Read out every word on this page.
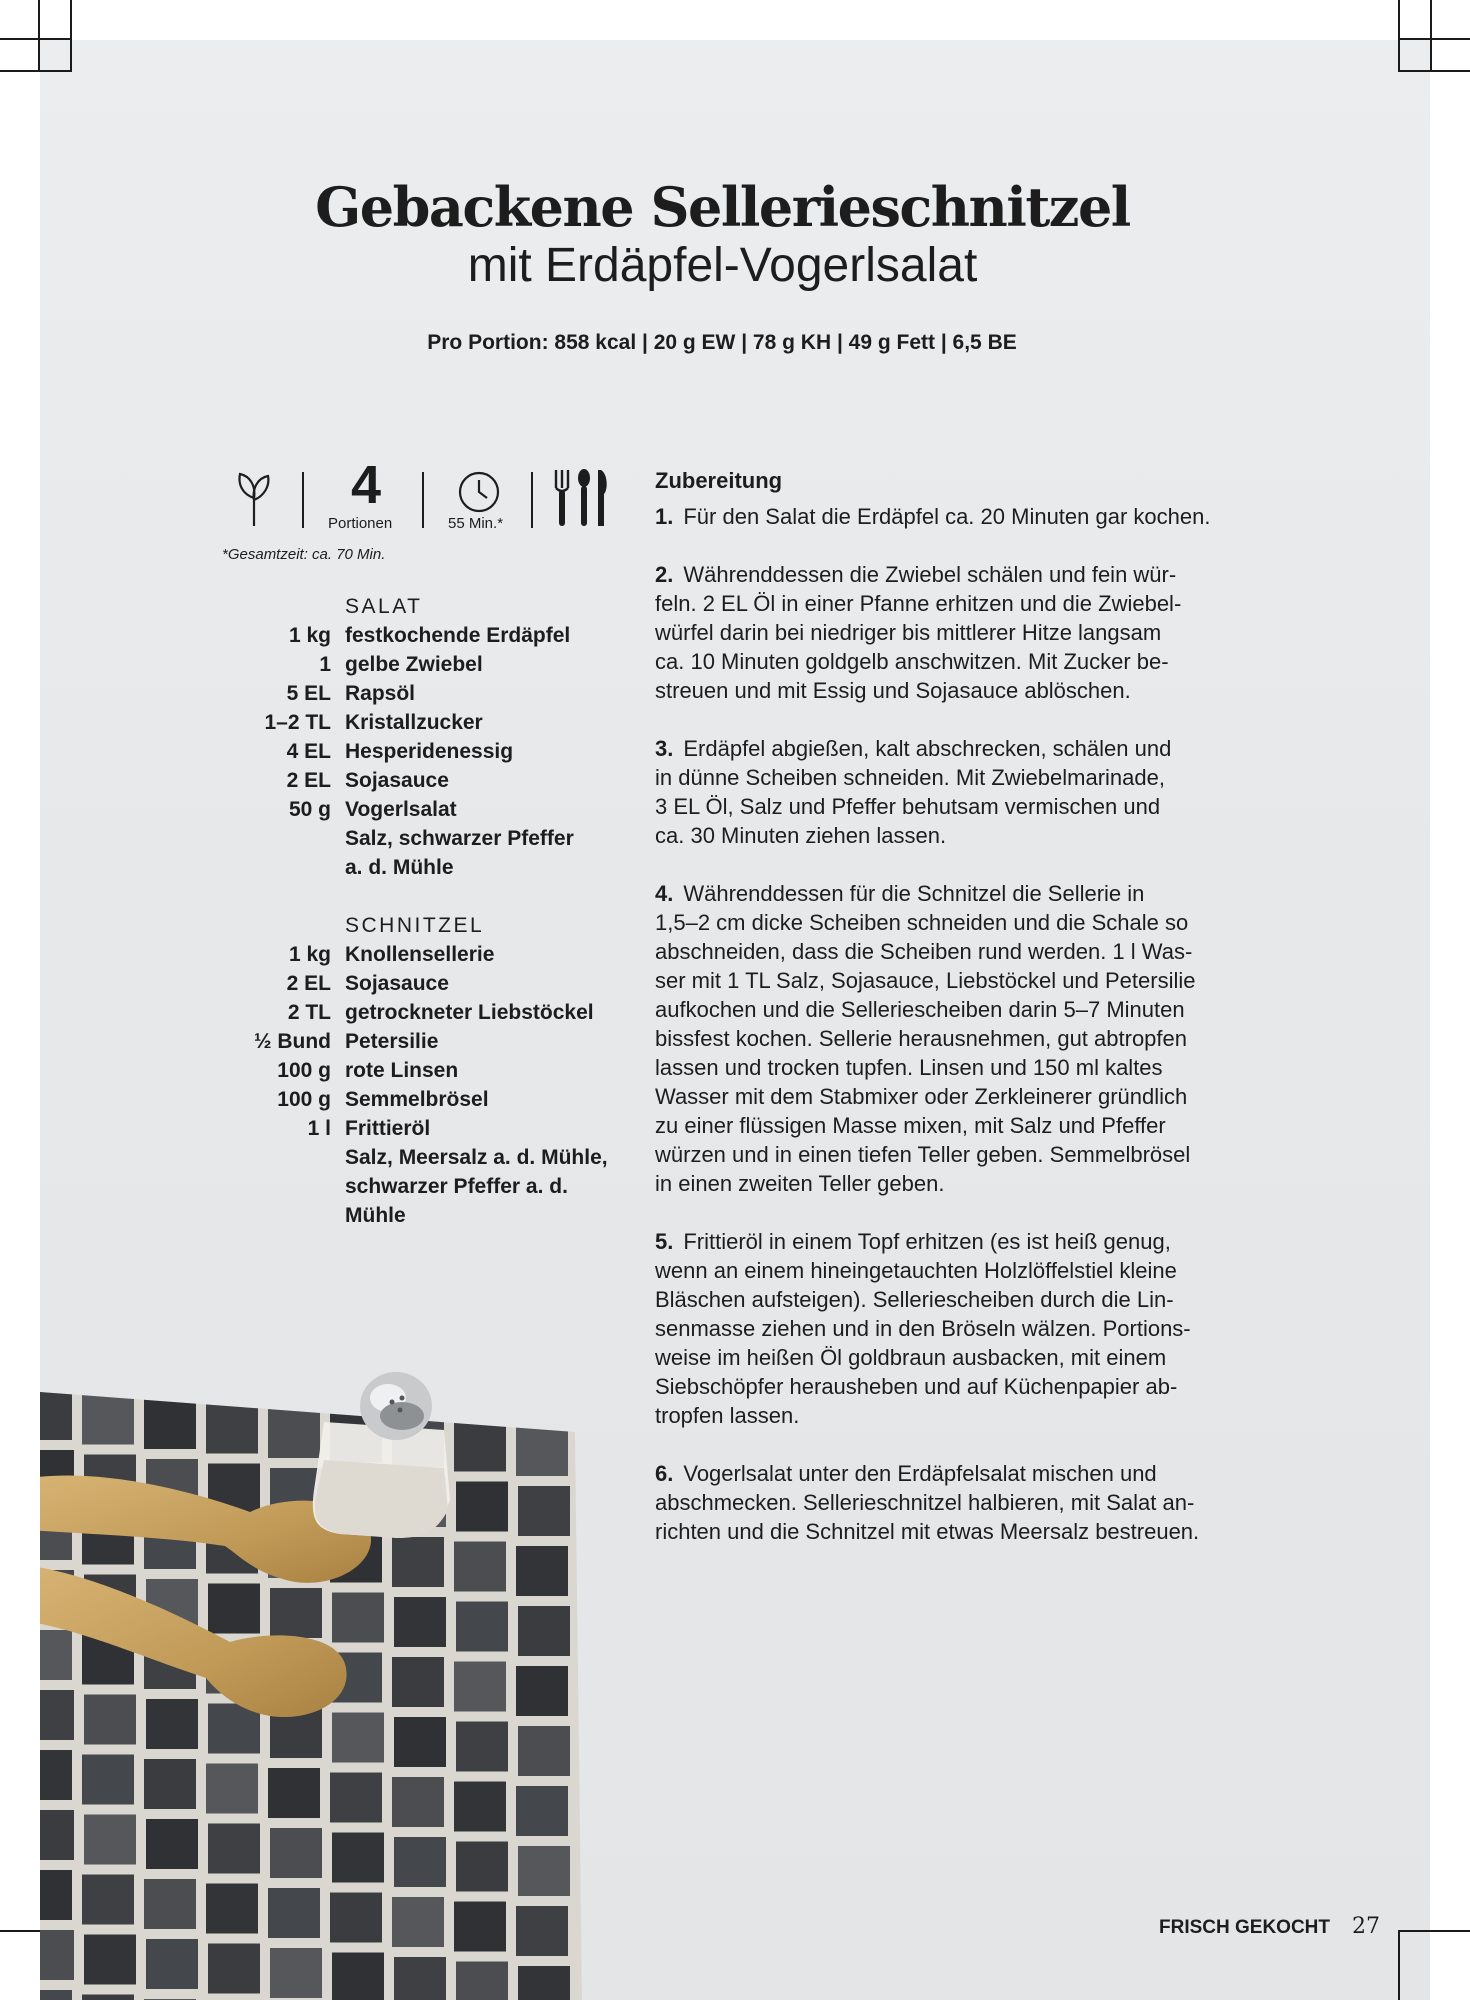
Gebackene Sellerieschnitzel
mit Erdäpfel-Vogerlsalat
Pro Portion: 858 kcal | 20 g EW | 78 g KH | 49 g Fett | 6,5 BE
4
Portionen	55 Min.*
*Gesamtzeit: ca. 70 Min.
SALAT
1 kg festkochende Erdäpfel
1 gelbe Zwiebel
5 EL Rapsöl
1–2 TL Kristallzucker
4 EL Hesperidenessig
2 EL Sojasauce
50 g Vogerlsalat
Salz, schwarzer Pfeffer
a. d. Mühle
SCHNITZEL
1 kg Knollensellerie
2 EL Sojasauce
2 TL getrockneter Liebstöckel
½ Bund Petersilie
100 g rote Linsen
100 g Semmelbrösel
1 l Frittieröl
Salz, Meersalz a. d. Mühle,
schwarzer Pfeffer a. d.
Mühle
Zubereitung
1. Für den Salat die Erdäpfel ca. 20 Minuten gar kochen.
2. Währenddessen die Zwiebel schälen und fein wür-
feln. 2 EL Öl in einer Pfanne erhitzen und die Zwiebel-
würfel darin bei niedriger bis mittlerer Hitze langsam
ca. 10 Minuten goldgelb anschwitzen. Mit Zucker be-
streuen und mit Essig und Sojasauce ablöschen.
3. Erdäpfel abgießen, kalt abschrecken, schälen und
in dünne Scheiben schneiden. Mit Zwiebelmarinade,
3 EL Öl, Salz und Pfeffer behutsam vermischen und
ca. 30 Minuten ziehen lassen.
4. Währenddessen für die Schnitzel die Sellerie in
1,5–2 cm dicke Scheiben schneiden und die Schale so
abschneiden, dass die Scheiben rund werden. 1 l Was-
ser mit 1 TL Salz, Sojasauce, Liebstöckel und Petersilie
aufkochen und die Selleriescheiben darin 5–7 Minuten
bissfest kochen. Sellerie herausnehmen, gut abtropfen
lassen und trocken tupfen. Linsen und 150 ml kaltes
Wasser mit dem Stabmixer oder Zerkleinerer gründlich
zu einer flüssigen Masse mixen, mit Salz und Pfeffer
würzen und in einen tiefen Teller geben. Semmelbrösel
in einen zweiten Teller geben.
5. Frittieröl in einem Topf erhitzen (es ist heiß genug,
wenn an einem hineingetauchten Holzlöffelstiel kleine
Bläschen aufsteigen). Selleriescheiben durch die Lin-
senmasse ziehen und in den Bröseln wälzen. Portions-
weise im heißen Öl goldbraun ausbacken, mit einem
Siebschöpfer herausheben und auf Küchenpapier ab-
tropfen lassen.
6. Vogerlsalat unter den Erdäpfelsalat mischen und
abschmecken. Sellerieschnitzel halbieren, mit Salat an-
richten und die Schnitzel mit etwas Meersalz bestreuen.
FRISCH GEKOCHT 27
